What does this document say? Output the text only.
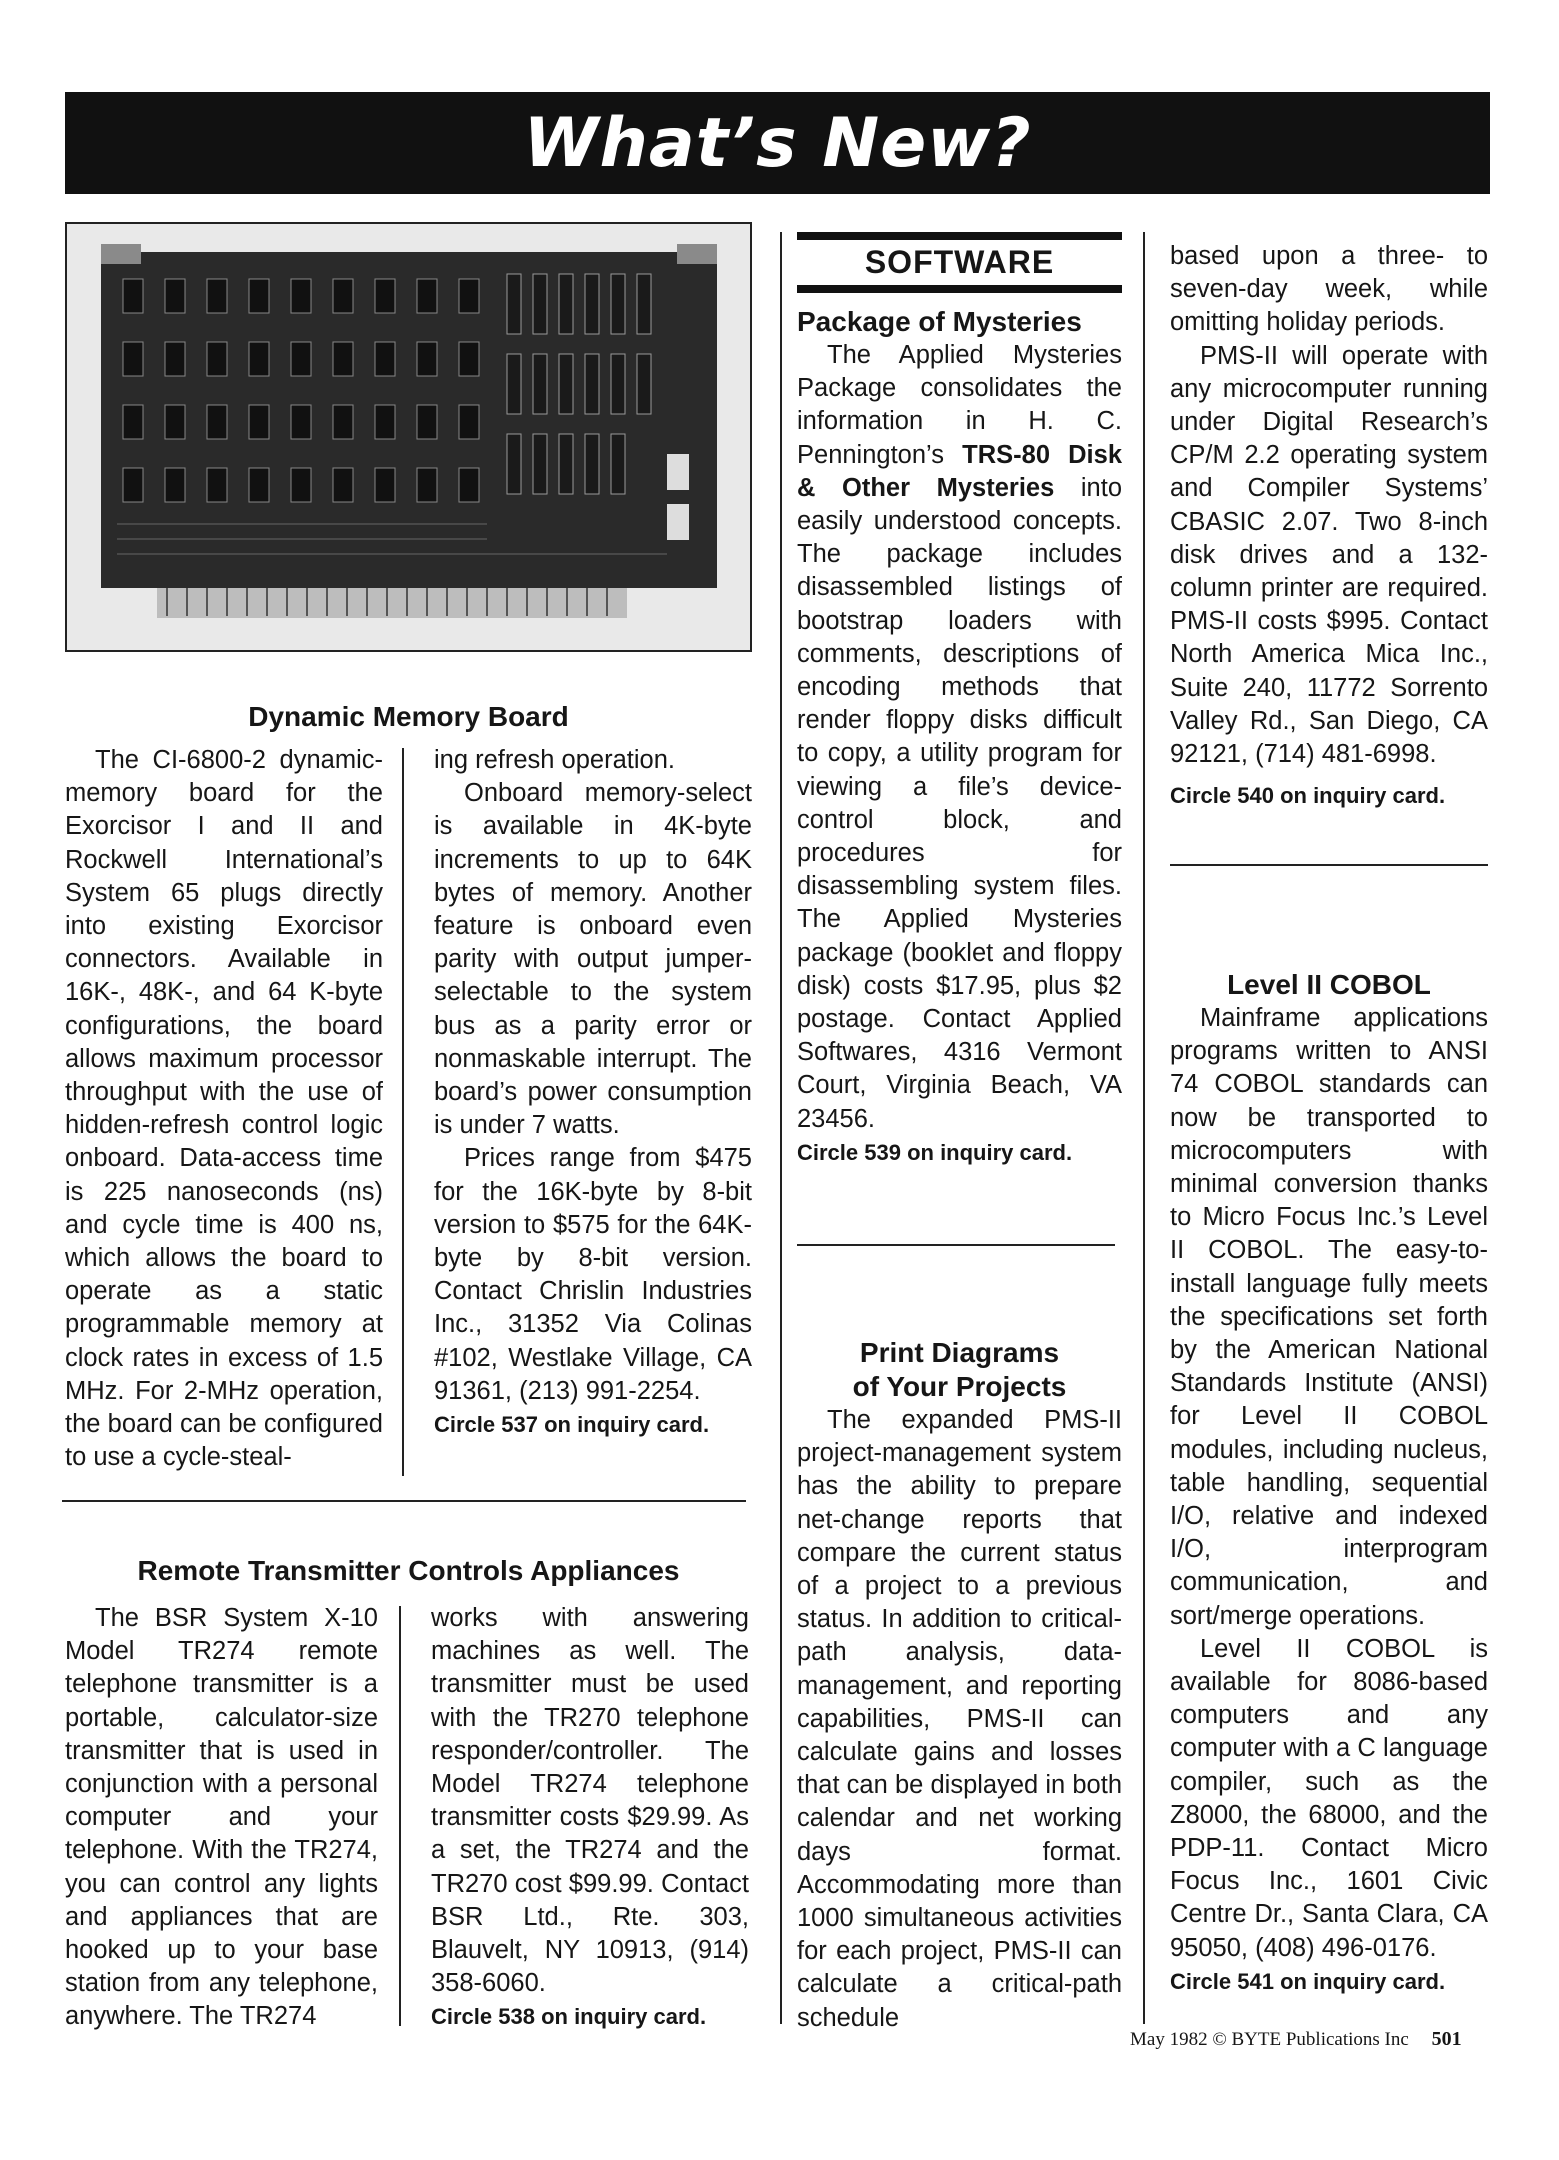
What’s New?
Dynamic Memory Board

The CI-6800-2 dynamic-memory board for the Exorcisor I and II and Rockwell International’s System 65 plugs directly into existing Exorcisor connectors. Available in 16K-, 48K-, and 64 K-byte configurations, the board allows maximum processor throughput with the use of hidden-refresh control logic onboard. Data-access time is 225 nanoseconds (ns) and cycle time is 400 ns, which allows the board to operate as a static programmable memory at clock rates in excess of 1.5 MHz. For 2-MHz operation, the board can be configured to use a cycle-steal-

ing refresh operation.

Onboard memory-select is available in 4K-byte increments to up to 64K bytes of memory. Another feature is onboard even parity with output jumper-selectable to the system bus as a parity error or nonmaskable interrupt. The board’s power consumption is under 7 watts.

Prices range from $475 for the 16K-byte by 8-bit version to $575 for the 64K-byte by 8-bit version. Contact Chrislin Industries Inc., 31352 Via Colinas #102, Westlake Village, CA 91361, (213) 991-2254.

Circle 537 on inquiry card.

Remote Transmitter Controls Appliances

The BSR System X-10 Model TR274 remote telephone transmitter is a portable, calculator-size transmitter that is used in conjunction with a personal computer and your telephone. With the TR274, you can control any lights and appliances that are hooked up to your base station from any telephone, anywhere. The TR274

works with answering machines as well. The transmitter must be used with the TR270 telephone responder/controller. The Model TR274 telephone transmitter costs $29.99. As a set, the TR274 and the TR270 cost $99.99. Contact BSR Ltd., Rte. 303, Blauvelt, NY 10913, (914) 358-6060.

Circle 538 on inquiry card.

SOFTWARE
Package of Mysteries

The Applied Mysteries Package consolidates the information in H. C. Pennington’s TRS-80 Disk & Other Mysteries into easily understood concepts. The package includes disassembled listings of bootstrap loaders with comments, descriptions of encoding methods that render floppy disks difficult to copy, a utility program for viewing a file’s device-control block, and procedures for disassembling system files. The Applied Mysteries package (booklet and floppy disk) costs $17.95, plus $2 postage. Contact Applied Softwares, 4316 Vermont Court, Virginia Beach, VA 23456.

Circle 539 on inquiry card.

Print Diagrams
of Your Projects

The expanded PMS-II project-management system has the ability to prepare net-change reports that compare the current status of a project to a previous status. In addition to critical-path analysis, data-management, and reporting capabilities, PMS-II can calculate gains and losses that can be displayed in both calendar and net working days format. Accommodating more than 1000 simultaneous activities for each project, PMS-II can calculate a critical-path schedule

based upon a three- to seven-day week, while omitting holiday periods.

PMS-II will operate with any microcomputer running under Digital Research’s CP/M 2.2 operating system and Compiler Systems’ CBASIC 2.07. Two 8-inch disk drives and a 132-column printer are required. PMS-II costs $995. Contact North America Mica Inc., Suite 240, 11772 Sorrento Valley Rd., San Diego, CA 92121, (714) 481-6998.

Circle 540 on inquiry card.

Level II COBOL

Mainframe applications programs written to ANSI 74 COBOL standards can now be transported to microcomputers with minimal conversion thanks to Micro Focus Inc.’s Level II COBOL. The easy-to-install language fully meets the specifications set forth by the American National Standards Institute (ANSI) for Level II COBOL modules, including nucleus, table handling, sequential I/O, relative and indexed I/O, interprogram communication, and sort/merge operations.

Level II COBOL is available for 8086-based computers and any computer with a C language compiler, such as the Z8000, the 68000, and the PDP-11. Contact Micro Focus Inc., 1601 Civic Centre Dr., Santa Clara, CA 95050, (408) 496-0176.

Circle 541 on inquiry card.

May 1982 © BYTE Publications Inc 501
